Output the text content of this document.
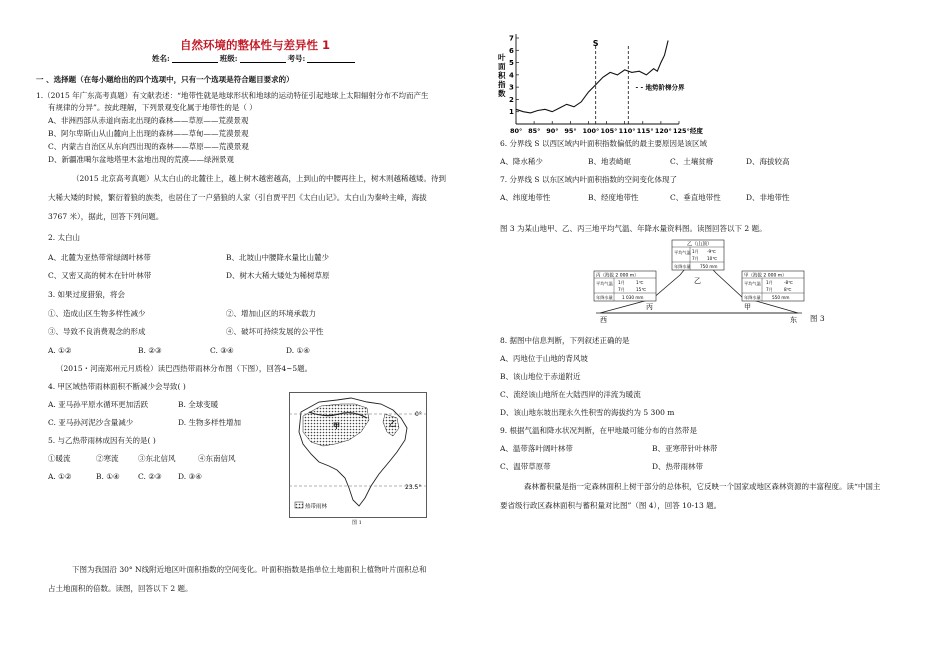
自然环境的整体性与差异性 1
姓名:	班级:	考号:
一 、选择题（在每小题给出的四个选项中，只有一个选项是符合题目要求的）
1.（2015 年广东高考真题）有文献表述：“地带性就是地球形状和地球的运动特征引起地球上太阳辐射分布不均而产生
有规律的分异”。按此理解，下列景观变化属于地带性的是（ ）
A、非洲西部从赤道向南北出现的森林——草原——荒漠景观
B、阿尔卑斯山从山麓向上出现的森林——草甸——荒漠景观
C、内蒙古自治区从东向西出现的森林——草原——荒漠景观
D、新疆准噶尔盆地塔里木盆地出现的荒漠——绿洲景观
（2015 北京高考真题）从太白山的北麓往上，越上树木越密越高，上到山的中腰再往上，树木则越稀越矮。待到
大稀大矮的时候，繁衍着狼的族类，也居住了一户猎狼的人家（引自贾平凹《太白山记》。太白山为秦岭主峰，海拔
3767 米），据此，回答下列问题。
2. 太白山
A、北麓为亚热带常绿阔叶林带	B、北坡山中腰降水量比山麓少
C、又密又高的树木在针叶林带	D、树木大稀大矮处为稀树草原
3. 如果过度猎狼，将会
①、造成山区生物多样性减少	②、增加山区的环境承载力
③、导致不良消费观念的形成	④、破坏可持续发展的公平性
A. ①②	B. ②③	C. ③④	D. ①④
（2015・河南郑州元月质检）读巴西热带雨林分布图（下图），回答4~5题。
4. 甲区域热带雨林面积不断减少会导致( )
A. 亚马孙平原水循环更加活跃	B. 全球变暖
C. 亚马孙河泥沙含量减少	D. 生物多样性增加
5. 与乙热带雨林成因有关的是( )
①暖流	②寒流	③东北信风	④东南信风
A. ①②	B. ①④ C. ②③ D. ③④
0°
23.5°
甲	乙
热带雨林
图 1
下图为我国沿 30° N线附近地区叶面积指数的空间变化。叶面积指数是指单位土地面积上植物叶片面积总和
占土地面积的倍数。读图，回答以下 2 题。
1
2
3
4
5
6
7
80° 85° 90° 95° 100° 105° 110° 115° 120° 125°经度
叶面积指数
S
- - 地势阶梯分界
6. 分界线 S 以西区域内叶面积指数偏低的最主要原因是该区域
A、降水稀少	B、地表崎岖	C、土壤贫瘠	D、海拔较高
7. 分界线 S 以东区域内叶面积指数的空间变化体现了
A、纬度地带性	B、经度地带性	C、垂直地带性	D、非地带性
图 3 为某山地甲、乙、丙三地平均气温、年降水量资料图。读图回答以下 2 题。
乙（山顶）
平均气温 1月 -9℃
7月 10℃
年降水量 750 mm
丙（海拔 2 000 m）
平均气温 1月	1℃
7月	15℃
年降水量 1 030 mm
甲（海拔 2 000 m）
平均气温 1月	-8℃
7月	8℃
年降水量	550 mm
乙
丙	甲
西	东 图 3
8. 据图中信息判断，下列叙述正确的是
A、丙地位于山地的背风坡
B、该山地位于赤道附近
C、流经该山地所在大陆西岸的洋流为暖流
D、该山地东坡出现永久性积雪的海拔约为 5 300 m
9. 根据气温和降水状况判断，在甲地最可能分布的自然带是
A、温带落叶阔叶林带	B、亚寒带针叶林带
C、温带草原带	D、热带雨林带
森林蓄积量是指一定森林面积上树干部分的总体积，它反映一个国家或地区森林资源的丰富程度。读“中国主
要省级行政区森林面积与蓄积量对比图”（图 4），回答 10-13 题。
